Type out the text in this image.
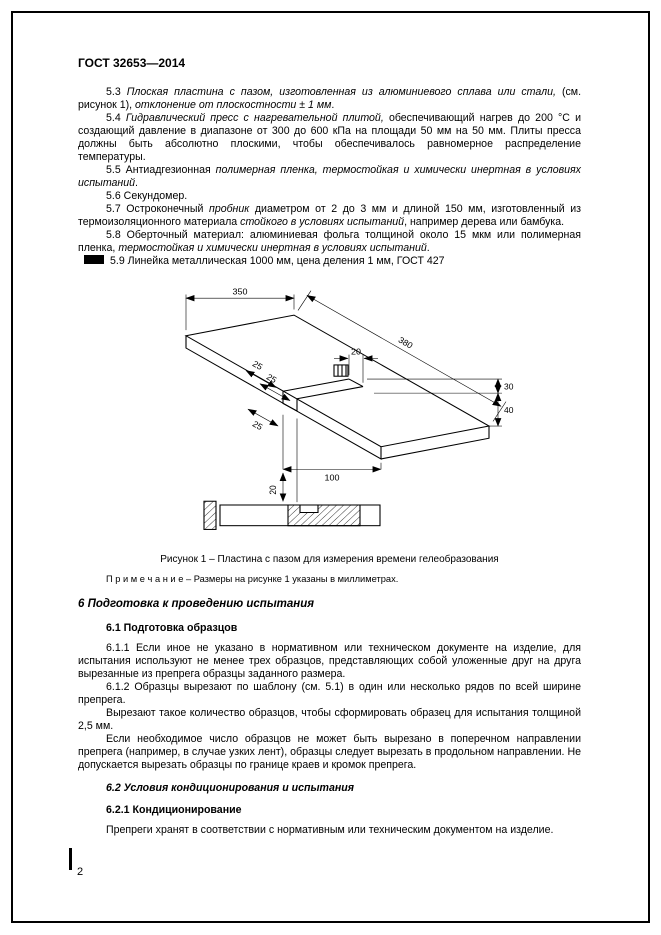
ГОСТ 32653—2014

5.3 Плоская пластина с пазом, изготовленная из алюминиевого сплава или стали, (см. рисунок 1), отклонение от плоскостности ± 1 мм.

5.4 Гидравлический пресс с нагревательной плитой, обеспечивающий нагрев до 200 °С и создающий давление в диапазоне от 300 до 600 кПа на площади 50 мм на 50 мм. Плиты пресса должны быть абсолютно плоскими, чтобы обеспечивалось равномерное распределение температуры.

5.5 Антиадгезионная полимерная пленка, термостойкая и химически инертная в условиях испытаний.

5.6 Секундомер.

5.7 Остроконечный пробник диаметром от 2 до 3 мм и длиной 150 мм, изготовленный из термоизоляционного материала стойкого в условиях испытаний, например дерева или бамбука.

5.8 Оберточный материал: алюминиевая фольга толщиной около 15 мкм или полимерная пленка, термостойкая и химически инертная в условиях испытаний.

5.9 Линейка металлическая 1000 мм, цена деления 1 мм, ГОСТ 427

350
380
20
25
25
30
40
25
100
20
Рисунок 1 – Пластина с пазом для измерения времени гелеобразования
П р и м е ч а н и е – Размеры на рисунке 1 указаны в миллиметрах.
6 Подготовка к проведению испытания
6.1 Подготовка образцов

6.1.1 Если иное не указано в нормативном или техническом документе на изделие, для испытания используют не менее трех образцов, представляющих собой уложенные друг на друга вырезанные из препрега образцы заданного размера.

6.1.2 Образцы вырезают по шаблону (см. 5.1) в один или несколько рядов по всей ширине препрега.

Вырезают такое количество образцов, чтобы сформировать образец для испытания толщиной 2,5 мм.

Если необходимое число образцов не может быть вырезано в поперечном направлении препрега (например, в случае узких лент), образцы следует вырезать в продольном направлении. Не допускается вырезать образцы по границе краев и кромок препрега.

6.2 Условия кондиционирования и испытания
6.2.1 Кондиционирование

Препреги хранят в соответствии с нормативным или техническим документом на изделие.

2
